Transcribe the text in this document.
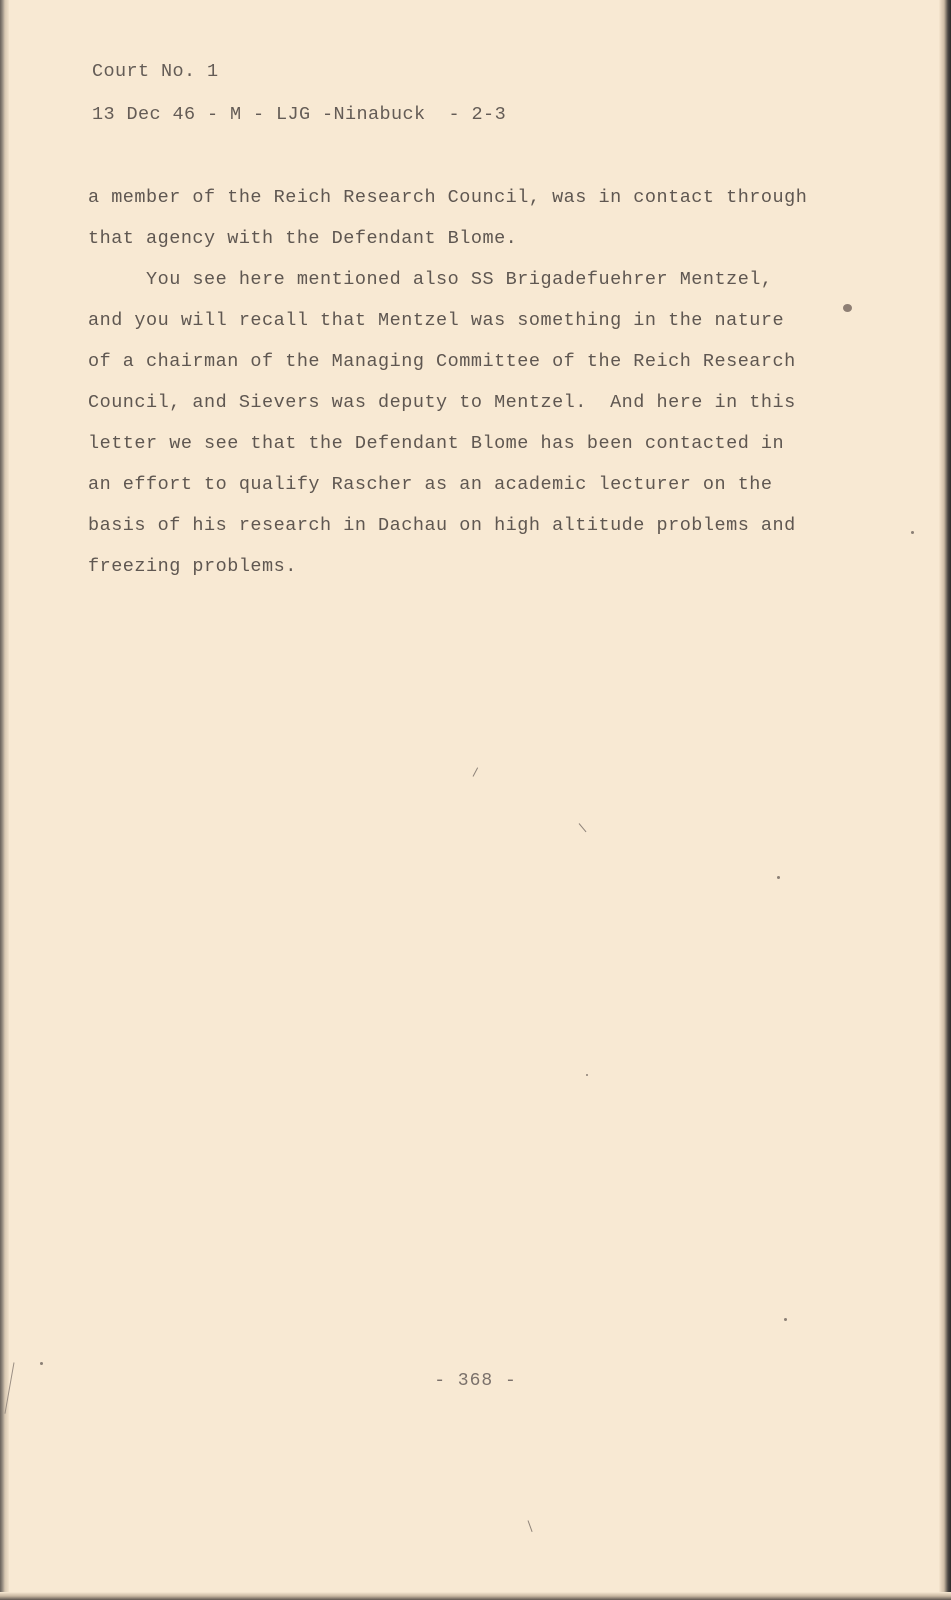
Court No. 1
13 Dec 46 - M - LJG -Ninabuck  - 2-3
a member of the Reich Research Council, was in contact through
that agency with the Defendant Blome.
You see here mentioned also SS Brigadefuehrer Mentzel,
and you will recall that Mentzel was something in the nature
of a chairman of the Managing Committee of the Reich Research
Council, and Sievers was deputy to Mentzel.  And here in this
letter we see that the Defendant Blome has been contacted in
an effort to qualify Rascher as an academic lecturer on the
basis of his research in Dachau on high altitude problems and
freezing problems.
- 368 -
